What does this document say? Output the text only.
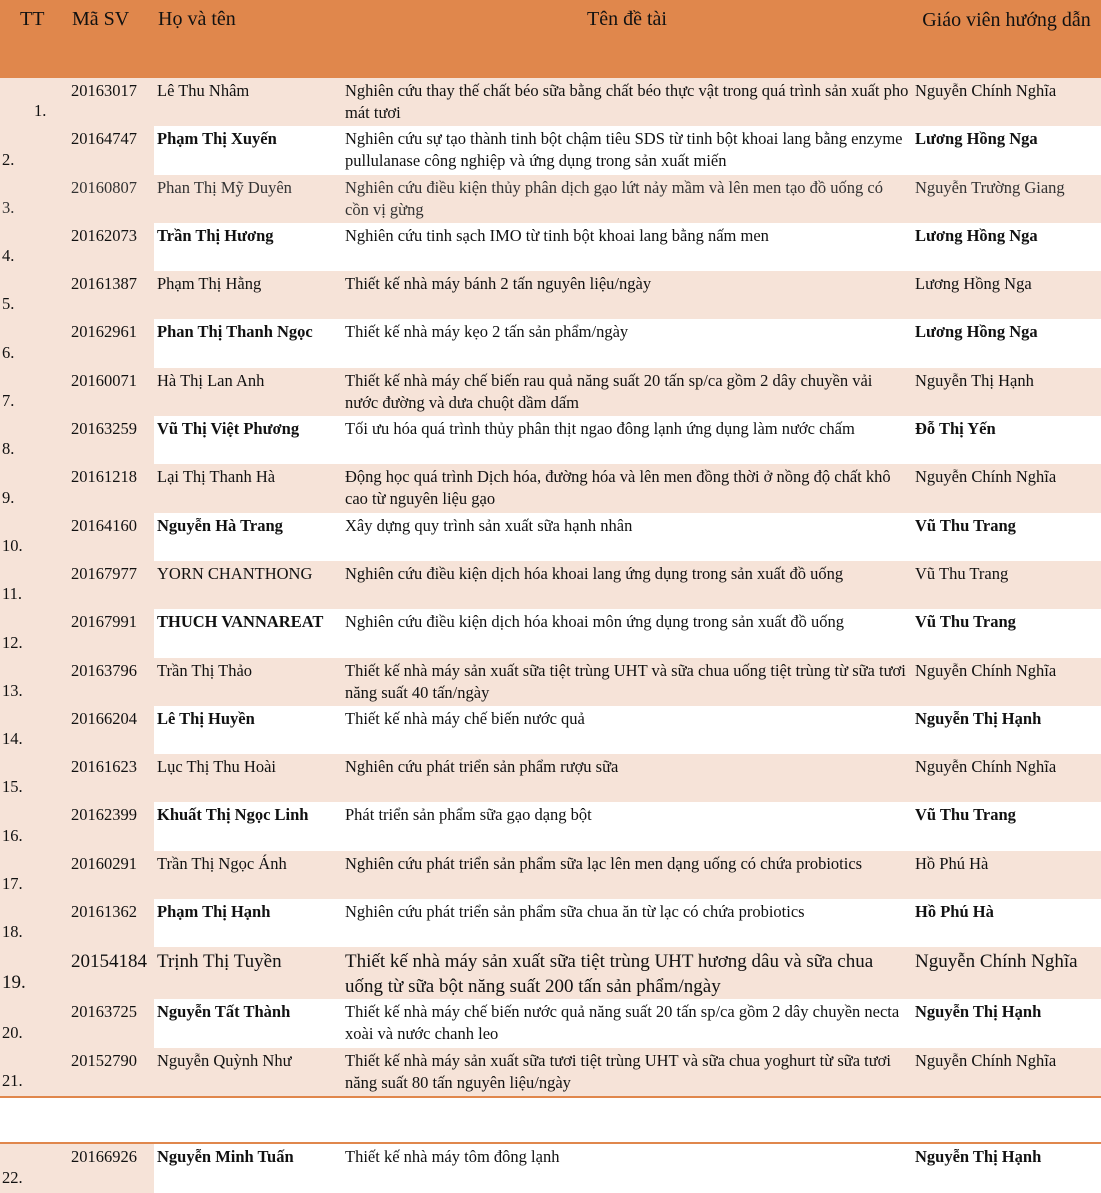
TT	Mã SV	Họ và tên	Tên đề tài	Giáo viên hướng dẫn
1.	20163017	Lê Thu Nhâm	Nghiên cứu thay thế chất béo sữa bằng chất béo thực vật trong quá trình sản xuất pho mát tươi	Nguyễn Chính Nghĩa
2.	20164747	Phạm Thị Xuyến	Nghiên cứu sự tạo thành tinh bột chậm tiêu SDS từ tinh bột khoai lang bằng enzyme pullulanase công nghiệp và ứng dụng trong sản xuất miến	Lương Hồng Nga
3.	20160807	Phan Thị Mỹ Duyên	Nghiên cứu điều kiện thủy phân dịch gạo lứt nảy mầm và lên men tạo đồ uống có cồn vị gừng	Nguyễn Trường Giang
4.	20162073	Trần Thị Hương	Nghiên cứu tinh sạch IMO từ tinh bột khoai lang bằng nấm men	Lương Hồng Nga
5.	20161387	Phạm Thị Hằng	Thiết kế nhà máy bánh 2 tấn nguyên liệu/ngày	Lương Hồng Nga
6.	20162961	Phan Thị Thanh Ngọc	Thiết kế nhà máy kẹo 2 tấn sản phẩm/ngày	Lương Hồng Nga
7.	20160071	Hà Thị Lan Anh	Thiết kế nhà máy chế biến rau quả năng suất 20 tấn sp/ca gồm 2 dây chuyền vải nước đường và dưa chuột dầm dấm	Nguyễn Thị Hạnh
8.	20163259	Vũ Thị Việt Phương	Tối ưu hóa quá trình thủy phân thịt ngao đông lạnh ứng dụng làm nước chấm	Đỗ Thị Yến
9.	20161218	Lại Thị Thanh Hà	Động học quá trình Dịch hóa, đường hóa và lên men đồng thời ở nồng độ chất khô cao từ nguyên liệu gạo	Nguyễn Chính Nghĩa
10.	20164160	Nguyễn Hà Trang	Xây dựng quy trình sản xuất sữa hạnh nhân	Vũ Thu Trang
11.	20167977	YORN CHANTHONG	Nghiên cứu điều kiện dịch hóa khoai lang ứng dụng trong sản xuất đồ uống	Vũ Thu Trang
12.	20167991	THUCH VANNAREAT	Nghiên cứu điều kiện dịch hóa khoai môn ứng dụng trong sản xuất đồ uống	Vũ Thu Trang
13.	20163796	Trần Thị Thảo	Thiết kế nhà máy sản xuất sữa tiệt trùng UHT và sữa chua uống tiệt trùng từ sữa tươi năng suất 40 tấn/ngày	Nguyễn Chính Nghĩa
14.	20166204	Lê Thị Huyền	Thiết kế nhà máy chế biến nước quả	Nguyễn Thị Hạnh
15.	20161623	Lục Thị Thu Hoài	Nghiên cứu phát triển sản phẩm rượu sữa	Nguyễn Chính Nghĩa
16.	20162399	Khuất Thị Ngọc Linh	Phát triển sản phẩm sữa gạo dạng bột	Vũ Thu Trang
17.	20160291	Trần Thị Ngọc Ánh	Nghiên cứu phát triển sản phẩm sữa lạc lên men dạng uống có chứa probiotics	Hồ Phú Hà
18.	20161362	Phạm Thị Hạnh	Nghiên cứu phát triển sản phẩm sữa chua ăn từ lạc có chứa probiotics	Hồ Phú Hà
19.	20154184	Trịnh Thị Tuyền	Thiết kế nhà máy sản xuất sữa tiệt trùng UHT hương dâu và sữa chua uống từ sữa bột năng suất 200 tấn sản phẩm/ngày	Nguyễn Chính Nghĩa
20.	20163725	Nguyễn Tất Thành	Thiết kế nhà máy chế biến nước quả năng suất 20 tấn sp/ca gồm 2 dây chuyền necta xoài và nước chanh leo	Nguyễn Thị Hạnh
21.	20152790	Nguyễn Quỳnh Như	Thiết kế nhà máy sản xuất sữa tươi tiệt trùng UHT và sữa chua yoghurt từ sữa tươi năng suất 80 tấn nguyên liệu/ngày	Nguyễn Chính Nghĩa

22.	20166926	Nguyễn Minh Tuấn	Thiết kế nhà máy tôm đông lạnh	Nguyễn Thị Hạnh
